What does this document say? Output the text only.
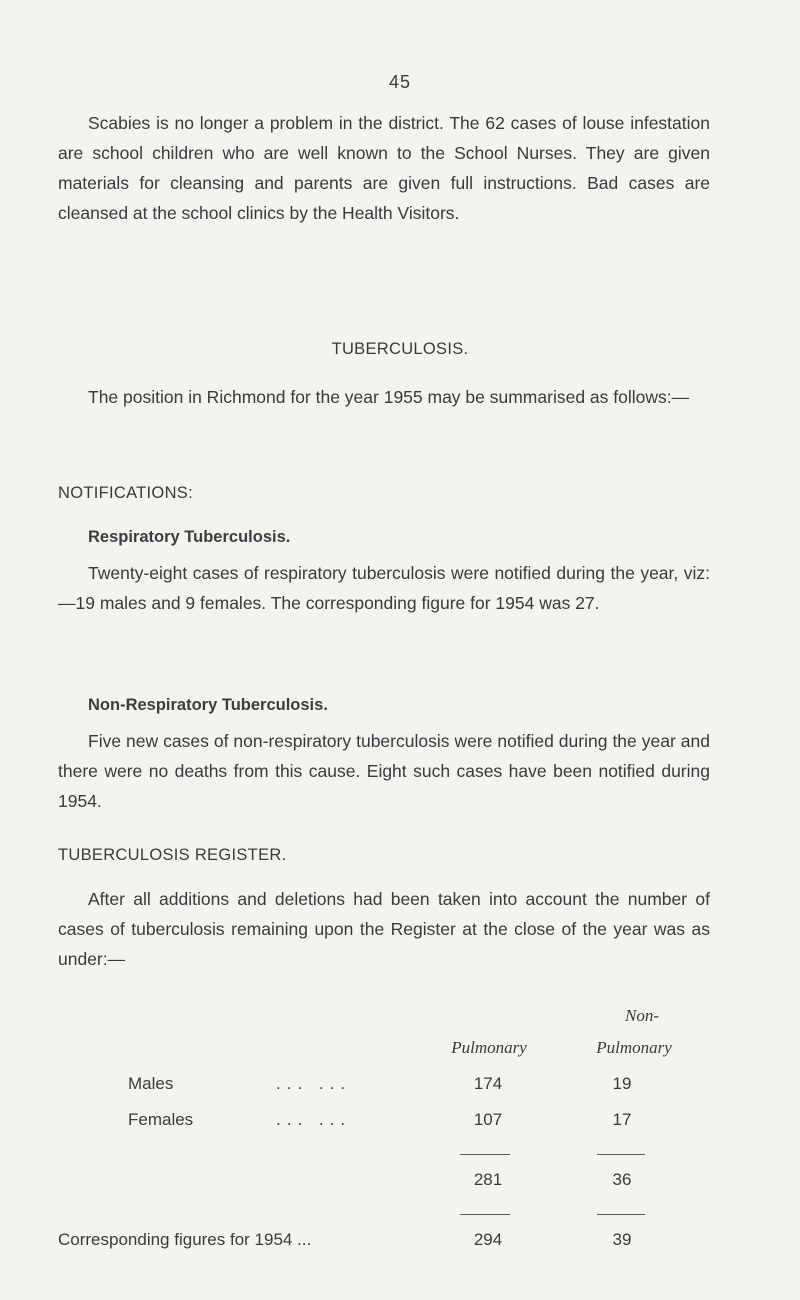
45

Scabies is no longer a problem in the district. The 62 cases of louse infestation are school children who are well known to the School Nurses. They are given materials for cleansing and parents are given full instructions. Bad cases are cleansed at the school clinics by the Health Visitors.

TUBERCULOSIS.

The position in Richmond for the year 1955 may be summarised as follows:—

NOTIFICATIONS:
Respiratory Tuberculosis.

Twenty-eight cases of respiratory tuberculosis were notified during the year, viz:—19 males and 9 females. The corresponding figure for 1954 was 27.

Non-Respiratory Tuberculosis.

Five new cases of non-respiratory tuberculosis were notified during the year and there were no deaths from this cause. Eight such cases have been notified during 1954.

TUBERCULOSIS REGISTER.

After all additions and deletions had been taken into account the number of cases of tuberculosis remaining upon the Register at the close of the year was as under:—

Non-
Pulmonary	Pulmonary
Males	... ...	174	19
Females	... ...	107	17
281	36
Corresponding figures for 1954 ...	294	39
